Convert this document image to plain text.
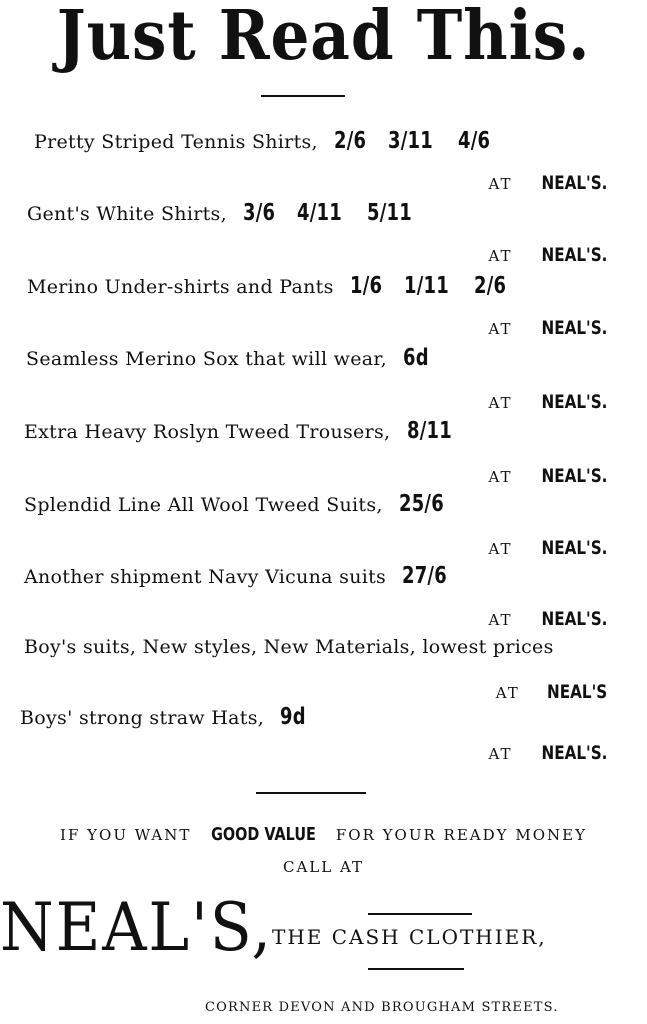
Just Read This.
Pretty Striped Tennis Shirts, 2/6 3/11 4/6
AT NEAL'S.
Gent's White Shirts, 3/6 4/11 5/11
AT NEAL'S.
Merino Under-shirts and Pants 1/6 1/11 2/6
AT NEAL'S.
Seamless Merino Sox that will wear, 6d
AT NEAL'S.
Extra Heavy Roslyn Tweed Trousers, 8/11
AT NEAL'S.
Splendid Line All Wool Tweed Suits, 25/6
AT NEAL'S.
Another shipment Navy Vicuna suits 27/6
AT NEAL'S.
Boy's suits, New styles, New Materials, lowest prices
AT NEAL'S
Boys' strong straw Hats, 9d
AT NEAL'S.
IF YOU WANT GOOD VALUE FOR YOUR READY MONEY
CALL AT
NEAL'S, THE CASH CLOTHIER,
CORNER DEVON AND BROUGHAM STREETS.
